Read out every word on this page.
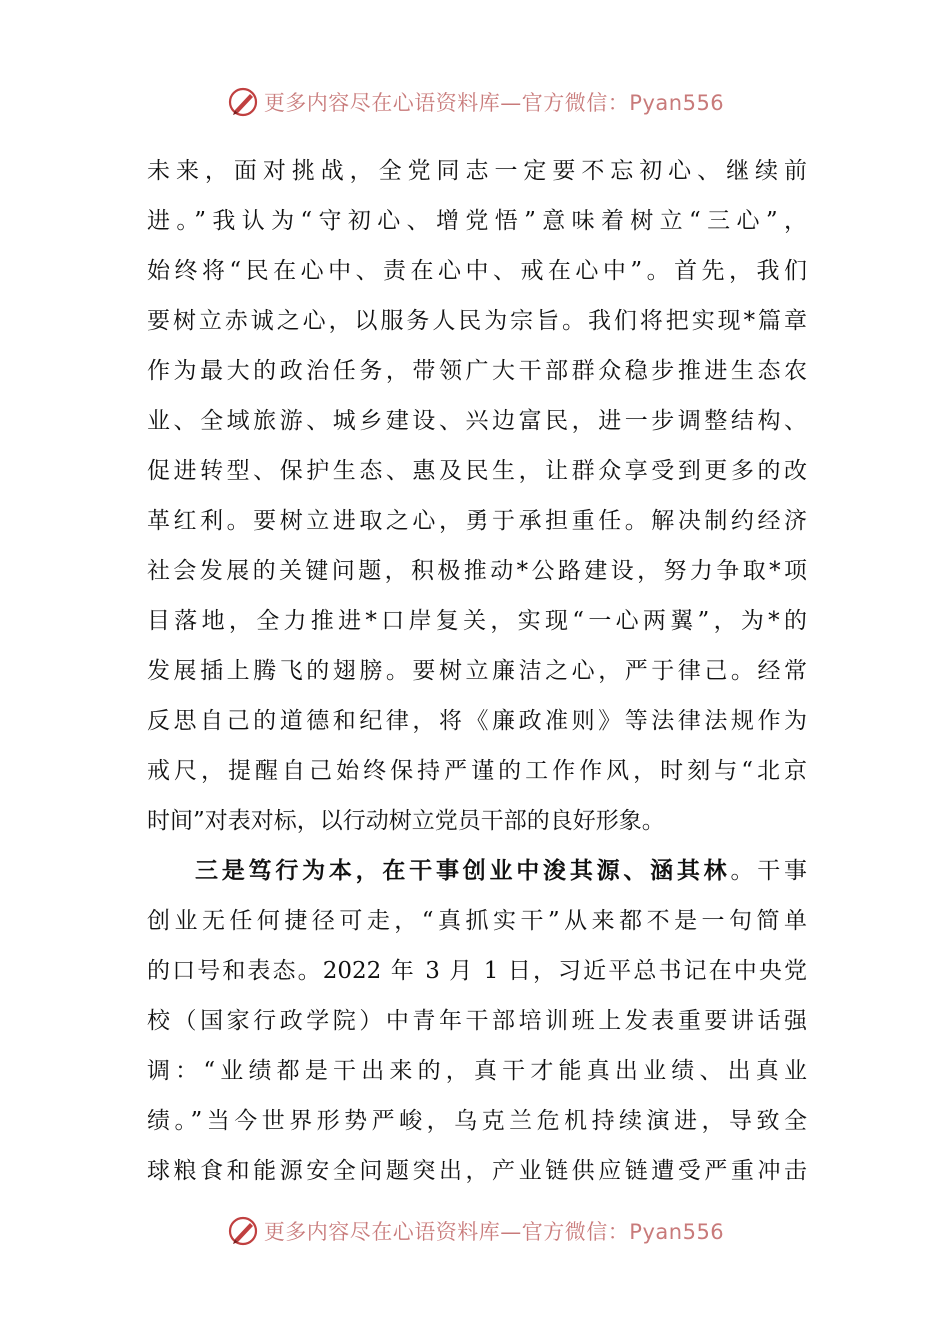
更多内容尽在心语资料库—官方微信：Pyan556
未来，面对挑战，全党同志一定要不忘初心、继续前
进。”我认为“守初心、增党悟”意味着树立“三心”，
始终将“民在心中、责在心中、戒在心中”。首先，我们
要树立赤诚之心，以服务人民为宗旨。我们将把实现*篇章
作为最大的政治任务，带领广大干部群众稳步推进生态农
业、全域旅游、城乡建设、兴边富民，进一步调整结构、
促进转型、保护生态、惠及民生，让群众享受到更多的改
革红利。要树立进取之心，勇于承担重任。解决制约经济
社会发展的关键问题，积极推动*公路建设，努力争取*项
目落地，全力推进*口岸复关，实现“一心两翼”，为*的
发展插上腾飞的翅膀。要树立廉洁之心，严于律己。经常
反思自己的道德和纪律，将《廉政准则》等法律法规作为
戒尺，提醒自己始终保持严谨的工作作风，时刻与“北京
时间”对表对标，以行动树立党员干部的良好形象。
三是笃行为本，在干事创业中浚其源、涵其林。干事
创业无任何捷径可走，“真抓实干”从来都不是一句简单
的口号和表态。2022 年 3 月 1 日，习近平总书记在中央党
校（国家行政学院）中青年干部培训班上发表重要讲话强
调：“业绩都是干出来的，真干才能真出业绩、出真业
绩。”当今世界形势严峻，乌克兰危机持续演进，导致全
球粮食和能源安全问题突出，产业链供应链遭受严重冲击
更多内容尽在心语资料库—官方微信：Pyan556
